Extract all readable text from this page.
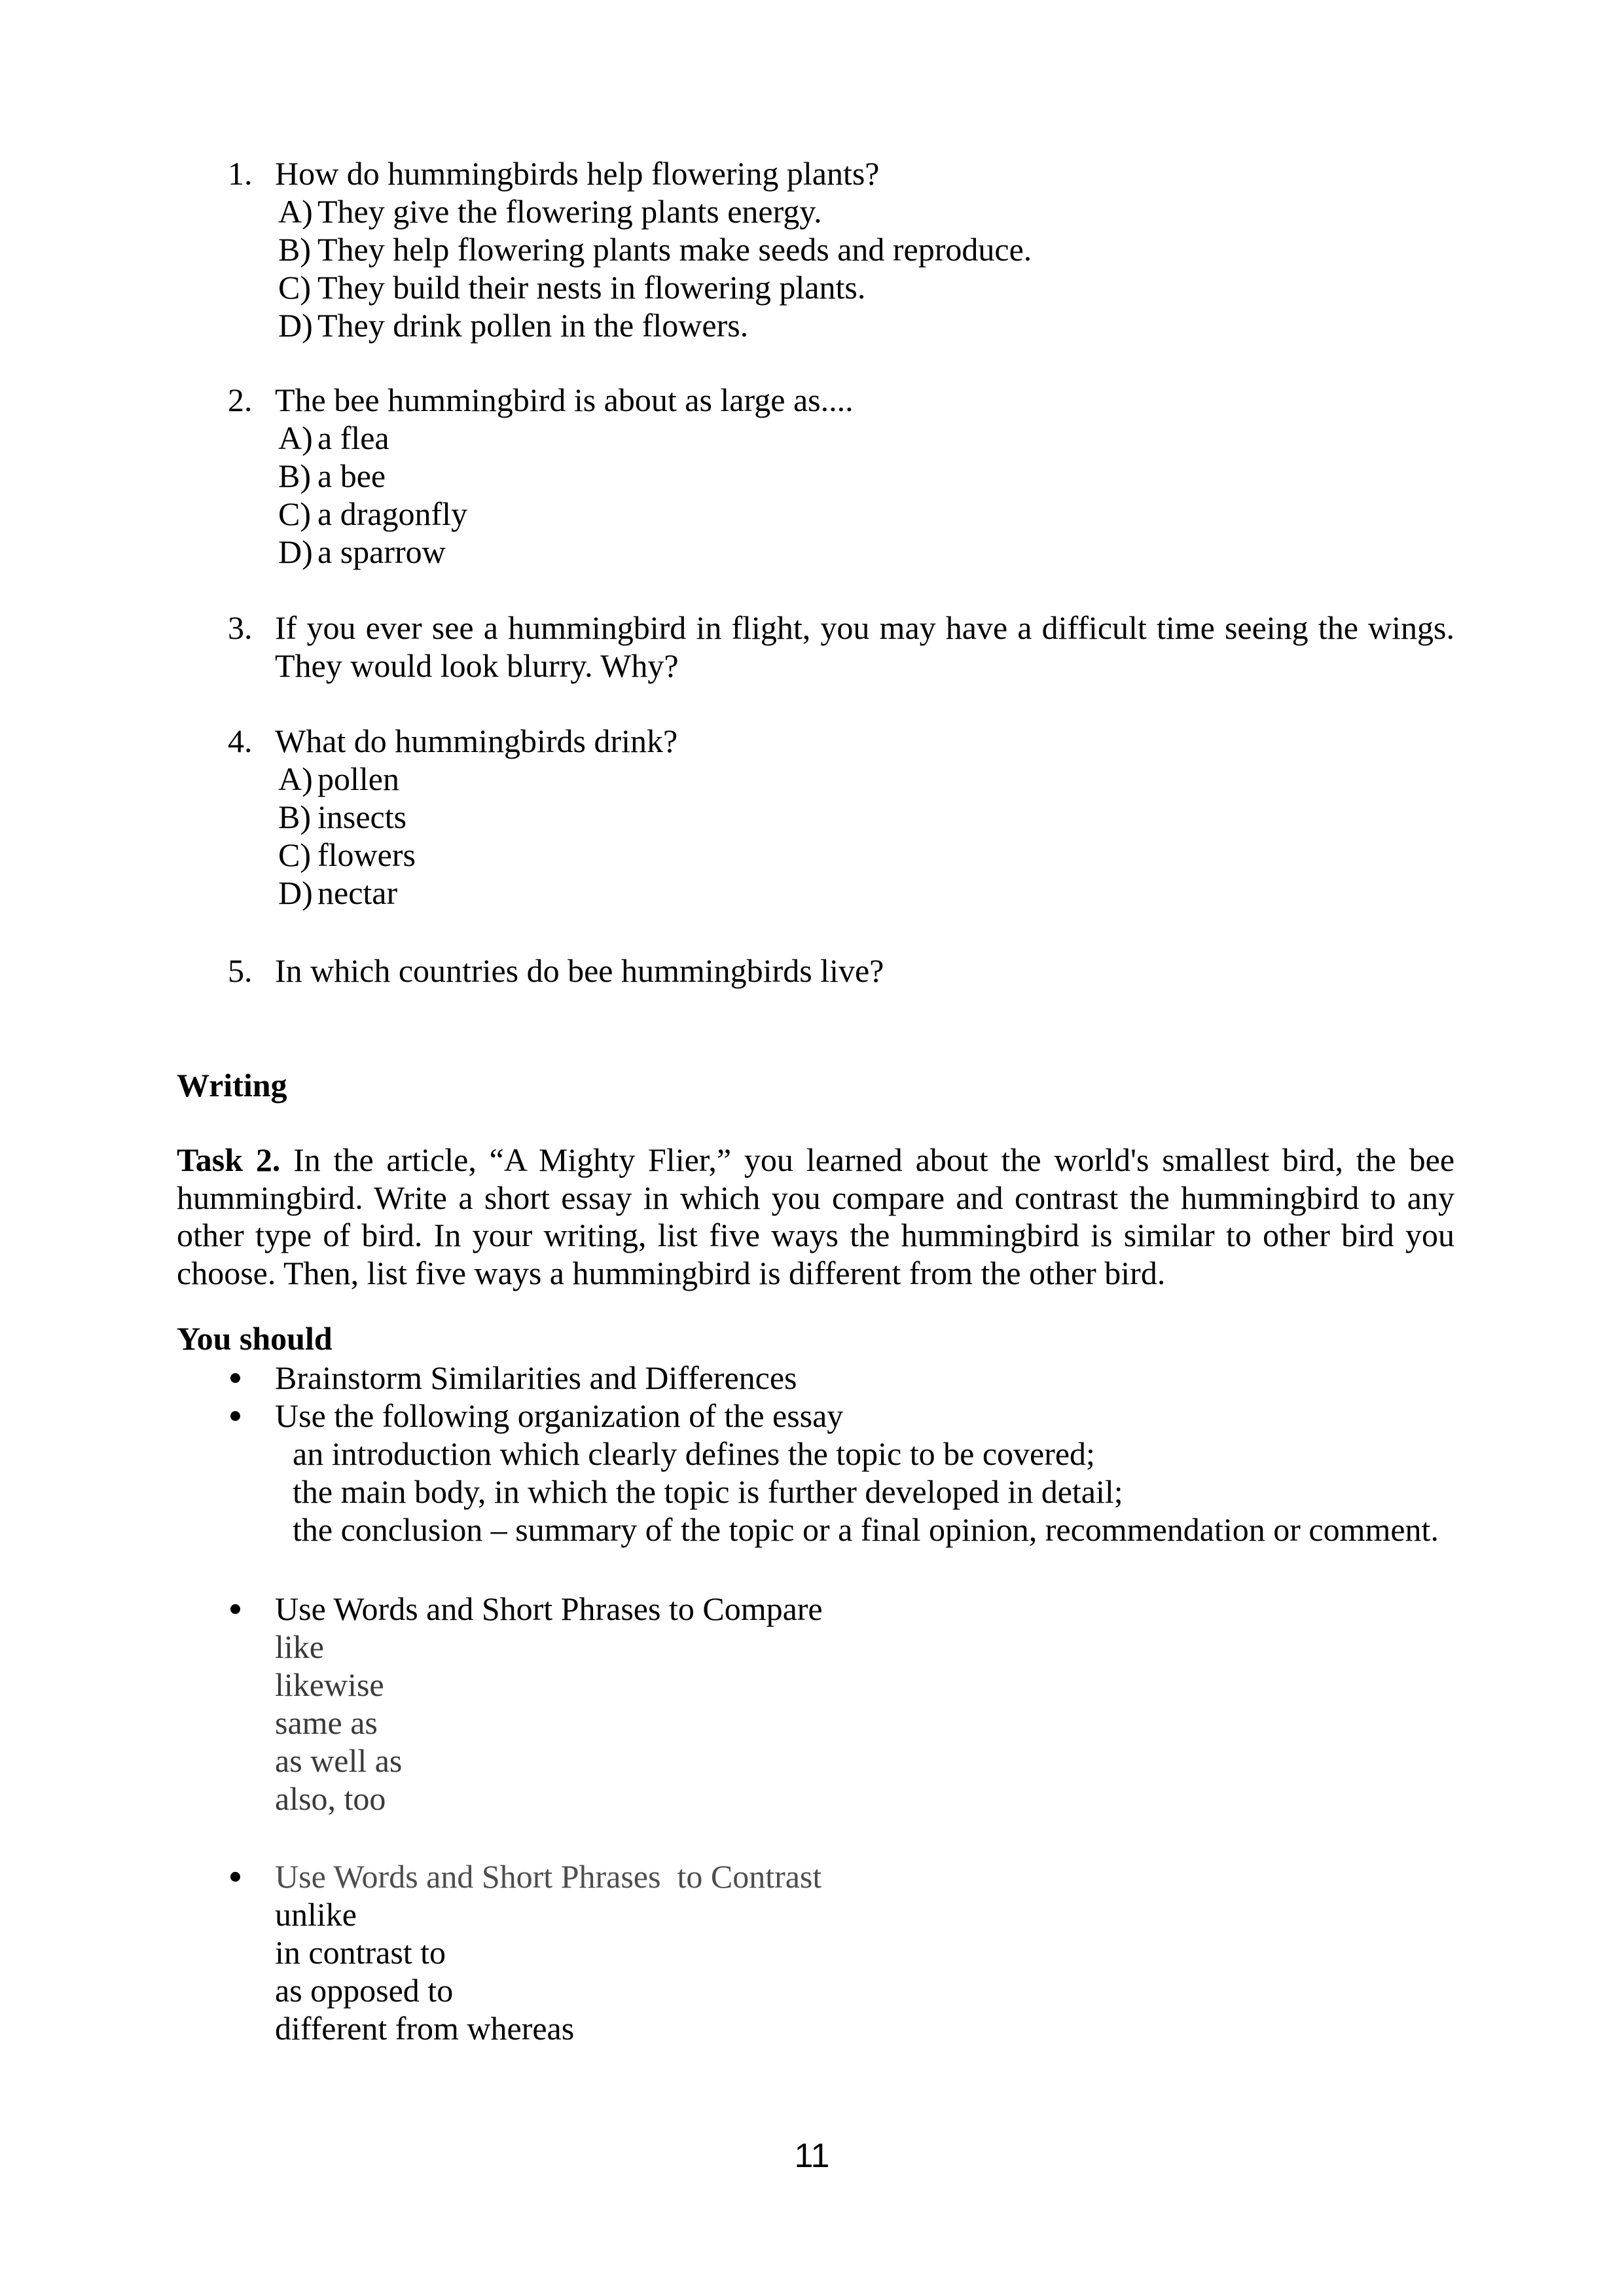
1. How do hummingbirds help flowering plants?
A) They give the flowering plants energy.
B) They help flowering plants make seeds and reproduce.
C) They build their nests in flowering plants.
D) They drink pollen in the flowers.
2. The bee hummingbird is about as large as....
A) a flea
B) a bee
C) a dragonfly
D) a sparrow
3. If you ever see a hummingbird in flight, you may have a difficult time seeing the wings.
They would look blurry. Why?
4. What do hummingbirds drink?
A) pollen
B) insects
C) flowers
D) nectar
5. In which countries do bee hummingbirds live?
Writing
Task 2. In the article, “A Mighty Flier,” you learned about the world's smallest bird, the bee
hummingbird. Write a short essay in which you compare and contrast the hummingbird to any
other type of bird. In your writing, list five ways the hummingbird is similar to other bird you
choose. Then, list five ways a hummingbird is different from the other bird.
You should
Brainstorm Similarities and Differences
Use the following organization of the essay
an introduction which clearly defines the topic to be covered;
the main body, in which the topic is further developed in detail;
the conclusion – summary of the topic or a final opinion, recommendation or comment.
Use Words and Short Phrases to Compare
like
likewise
same as
as well as
also, too
Use Words and Short Phrases  to Contrast
unlike
in contrast to
as opposed to
different from whereas
11
